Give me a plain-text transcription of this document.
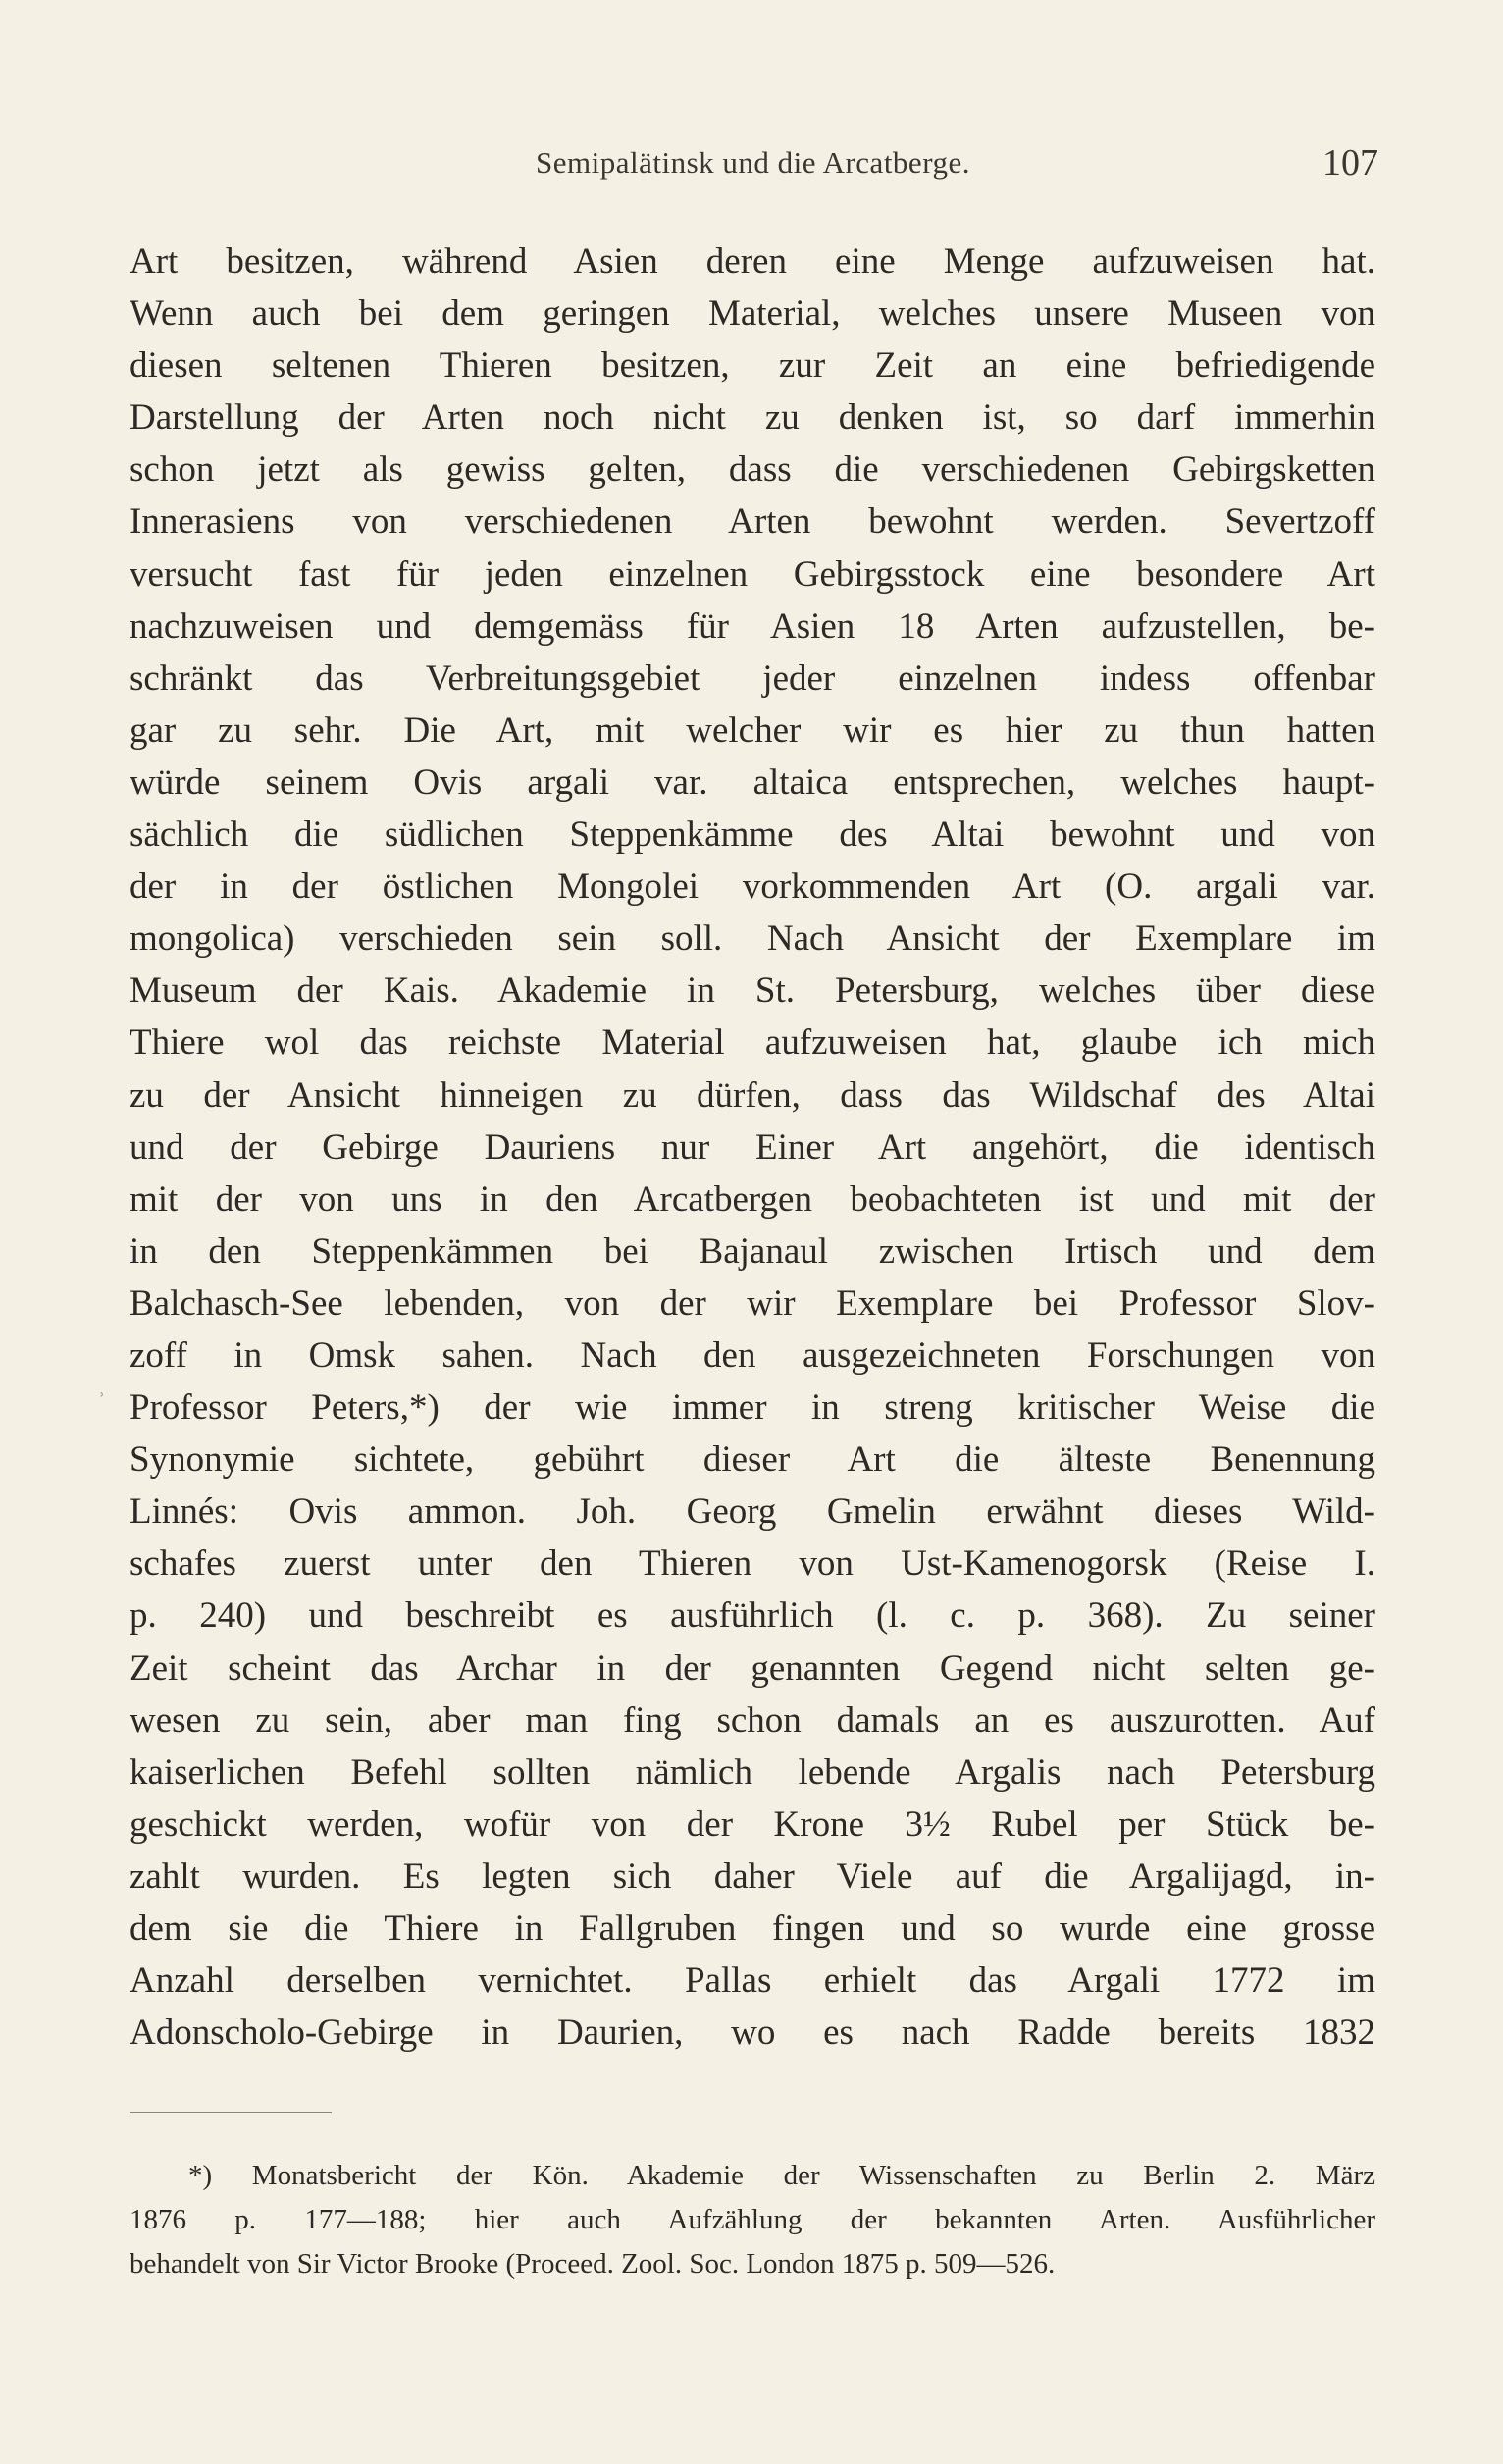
Semipalätinsk und die Arcatberge.	107
Art besitzen, während Asien deren eine Menge aufzuweisen hat.
Wenn auch bei dem geringen Material, welches unsere Museen von
diesen seltenen Thieren besitzen, zur Zeit an eine befriedigende
Darstellung der Arten noch nicht zu denken ist, so darf immerhin
schon jetzt als gewiss gelten, dass die verschiedenen Gebirgsketten
Innerasiens von verschiedenen Arten bewohnt werden. Severtzoff
versucht fast für jeden einzelnen Gebirgsstock eine besondere Art
nachzuweisen und demgemäss für Asien 18 Arten aufzustellen, be-
schränkt das Verbreitungsgebiet jeder einzelnen indess offenbar
gar zu sehr. Die Art, mit welcher wir es hier zu thun hatten
würde seinem Ovis argali var. altaica entsprechen, welches haupt-
sächlich die südlichen Steppenkämme des Altai bewohnt und von
der in der östlichen Mongolei vorkommenden Art (O. argali var.
mongolica) verschieden sein soll. Nach Ansicht der Exemplare im
Museum der Kais. Akademie in St. Petersburg, welches über diese
Thiere wol das reichste Material aufzuweisen hat, glaube ich mich
zu der Ansicht hinneigen zu dürfen, dass das Wildschaf des Altai
und der Gebirge Dauriens nur Einer Art angehört, die identisch
mit der von uns in den Arcatbergen beobachteten ist und mit der
in den Steppenkämmen bei Bajanaul zwischen Irtisch und dem
Balchasch-See lebenden, von der wir Exemplare bei Professor Slov-
zoff in Omsk sahen. Nach den ausgezeichneten Forschungen von
Professor Peters,*) der wie immer in streng kritischer Weise die
Synonymie sichtete, gebührt dieser Art die älteste Benennung
Linnés: Ovis ammon. Joh. Georg Gmelin erwähnt dieses Wild-
schafes zuerst unter den Thieren von Ust-Kamenogorsk (Reise I.
p. 240) und beschreibt es ausführlich (l. c. p. 368). Zu seiner
Zeit scheint das Archar in der genannten Gegend nicht selten ge-
wesen zu sein, aber man fing schon damals an es auszurotten. Auf
kaiserlichen Befehl sollten nämlich lebende Argalis nach Petersburg
geschickt werden, wofür von der Krone 3½ Rubel per Stück be-
zahlt wurden. Es legten sich daher Viele auf die Argalijagd, in-
dem sie die Thiere in Fallgruben fingen und so wurde eine grosse
Anzahl derselben vernichtet. Pallas erhielt das Argali 1772 im
Adonscholo-Gebirge in Daurien, wo es nach Radde bereits 1832
ʾ
*) Monatsbericht der Kön. Akademie der Wissenschaften zu Berlin 2. März
1876 p. 177—188; hier auch Aufzählung der bekannten Arten. Ausführlicher
behandelt von Sir Victor Brooke (Proceed. Zool. Soc. London 1875 p. 509—526.
